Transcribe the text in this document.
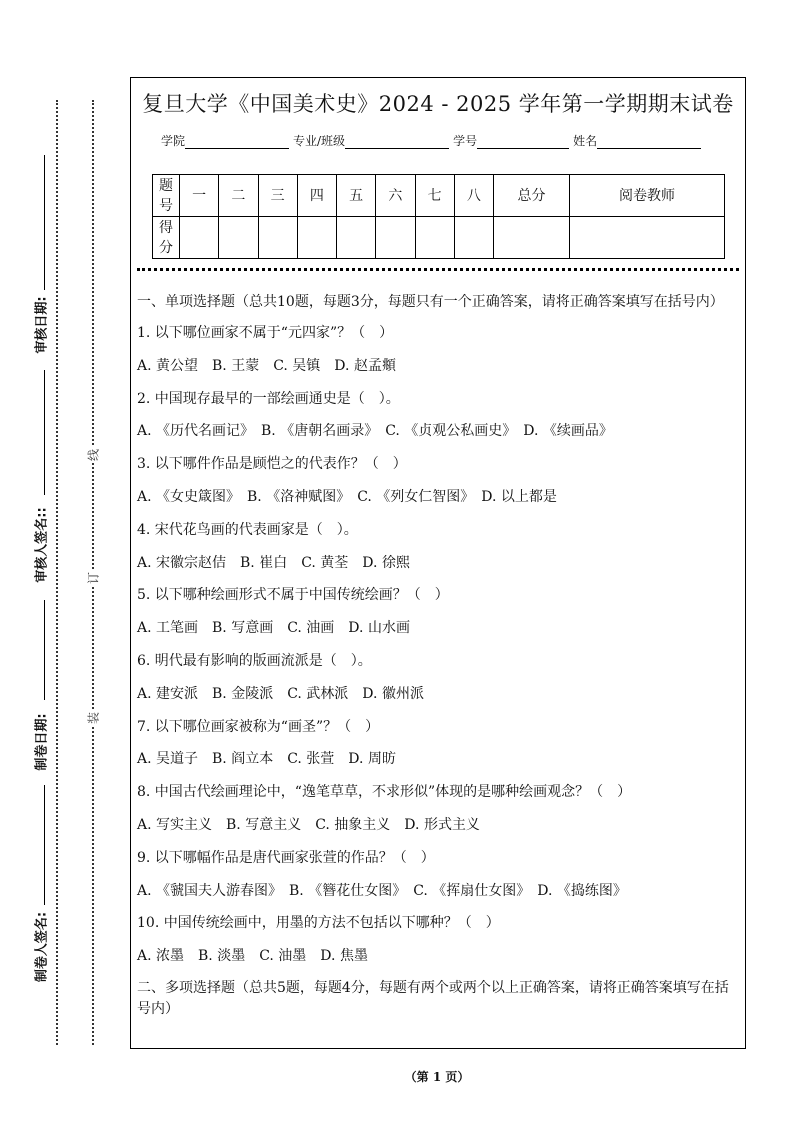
审核日期:
审核人签名::
制卷日期:
制卷人签名:
线
订
装
复旦大学《中国美术史》2024 - 2025 学年第一学期期末试卷
学院	专业/班级	学号	姓名
题号	一	二	三	四	五	六	七	八	总分	阅卷教师
得分										
一、单项选择题（总共10题，每题3分，每题只有一个正确答案，请将正确答案填写在括号内）
1. 以下哪位画家不属于“元四家”？（　）
A. 黄公望　B. 王蒙　C. 吴镇　D. 赵孟頫
2. 中国现存最早的一部绘画通史是（　）。
A. 《历代名画记》　B. 《唐朝名画录》　C. 《贞观公私画史》　D. 《续画品》
3. 以下哪件作品是顾恺之的代表作？（　）
A. 《女史箴图》　B. 《洛神赋图》　C. 《列女仁智图》　D. 以上都是
4. 宋代花鸟画的代表画家是（　）。
A. 宋徽宗赵佶　B. 崔白　C. 黄荃　D. 徐熙
5. 以下哪种绘画形式不属于中国传统绘画？（　）
A. 工笔画　B. 写意画　C. 油画　D. 山水画
6. 明代最有影响的版画流派是（　）。
A. 建安派　B. 金陵派　C. 武林派　D. 徽州派
7. 以下哪位画家被称为“画圣”？（　）
A. 吴道子　B. 阎立本　C. 张萱　D. 周昉
8. 中国古代绘画理论中，“逸笔草草，不求形似”体现的是哪种绘画观念？（　）
A. 写实主义　B. 写意主义　C. 抽象主义　D. 形式主义
9. 以下哪幅作品是唐代画家张萱的作品？（　）
A. 《虢国夫人游春图》　B. 《簪花仕女图》　C. 《挥扇仕女图》　D. 《捣练图》
10. 中国传统绘画中，用墨的方法不包括以下哪种？（　）
A. 浓墨　B. 淡墨　C. 油墨　D. 焦墨
二、多项选择题（总共5题，每题4分，每题有两个或两个以上正确答案，请将正确答案填写在括号内）
（第 1 页）
